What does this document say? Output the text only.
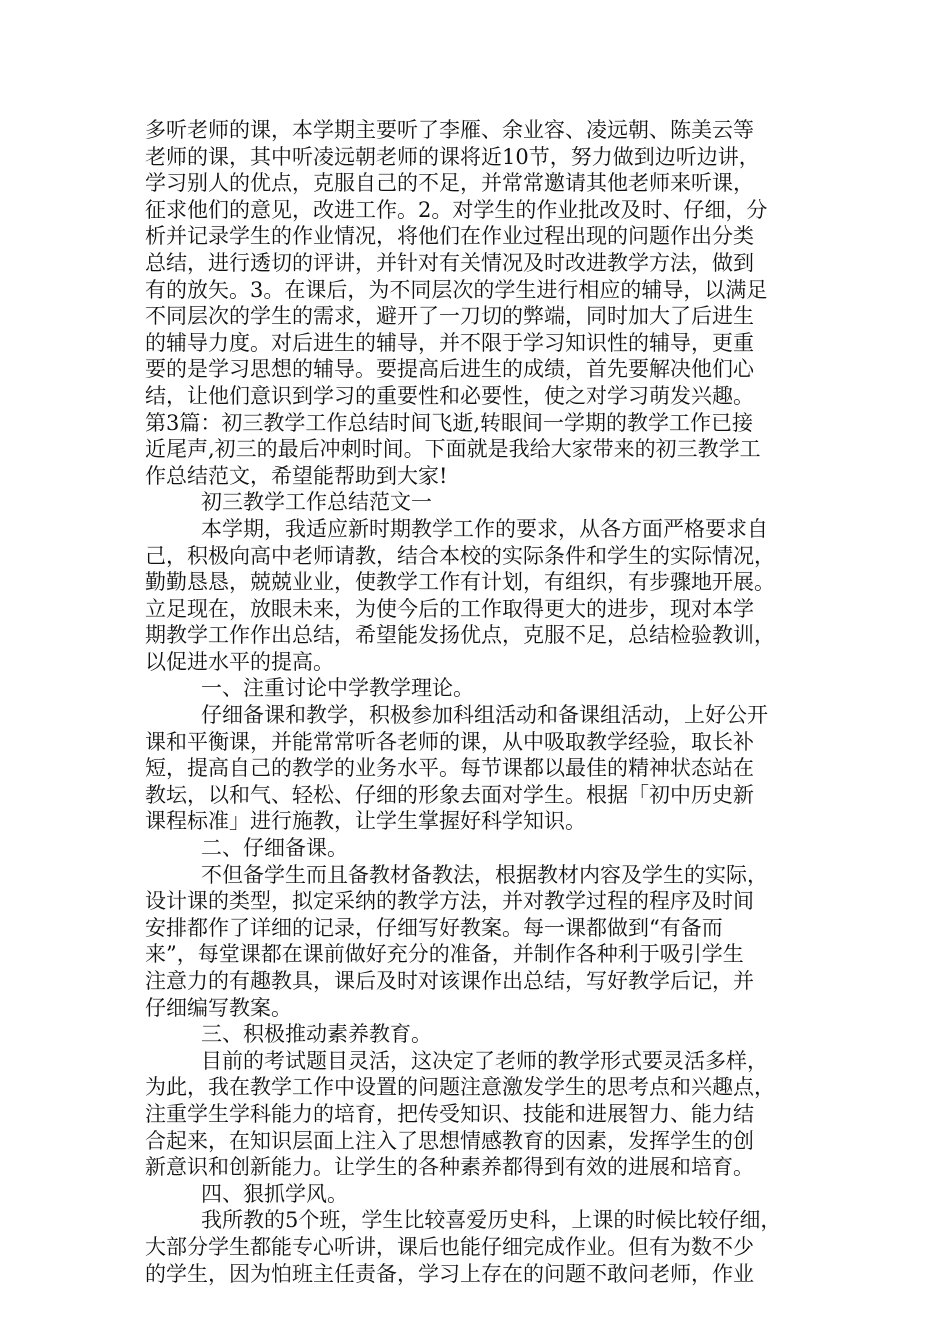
多听老师的课，本学期主要听了李雁、余业容、凌远朝、陈美云等
老师的课，其中听凌远朝老师的课将近10节，努力做到边听边讲，
学习别人的优点，克服自己的不足，并常常邀请其他老师来听课，
征求他们的意见，改进工作。2。对学生的作业批改及时、仔细，分
析并记录学生的作业情况，将他们在作业过程出现的问题作出分类
总结，进行透切的评讲，并针对有关情况及时改进教学方法，做到
有的放矢。3。在课后，为不同层次的学生进行相应的辅导，以满足
不同层次的学生的需求，避开了一刀切的弊端，同时加大了后进生
的辅导力度。对后进生的辅导，并不限于学习知识性的辅导，更重
要的是学习思想的辅导。要提高后进生的成绩，首先要解决他们心
结，让他们意识到学习的重要性和必要性，使之对学习萌发兴趣。
第3篇：初三教学工作总结时间飞逝,转眼间一学期的教学工作已接
近尾声,初三的最后冲刺时间。下面就是我给大家带来的初三教学工
作总结范文，希望能帮助到大家!
初三教学工作总结范文一
本学期，我适应新时期教学工作的要求，从各方面严格要求自
己，积极向高中老师请教，结合本校的实际条件和学生的实际情况，
勤勤恳恳，兢兢业业，使教学工作有计划，有组织，有步骤地开展。
立足现在，放眼未来，为使今后的工作取得更大的进步，现对本学
期教学工作作出总结，希望能发扬优点，克服不足，总结检验教训，
以促进水平的提高。
一、注重讨论中学教学理论。
仔细备课和教学，积极参加科组活动和备课组活动，上好公开
课和平衡课，并能常常听各老师的课，从中吸取教学经验，取长补
短，提高自己的教学的业务水平。每节课都以最佳的精神状态站在
教坛，以和气、轻松、仔细的形象去面对学生。根据「初中历史新
课程标准」进行施教，让学生掌握好科学知识。
二、仔细备课。
不但备学生而且备教材备教法，根据教材内容及学生的实际，
设计课的类型，拟定采纳的教学方法，并对教学过程的程序及时间
安排都作了详细的记录，仔细写好教案。每一课都做到“有备而
来”，每堂课都在课前做好充分的准备，并制作各种利于吸引学生
注意力的有趣教具，课后及时对该课作出总结，写好教学后记，并
仔细编写教案。
三、积极推动素养教育。
目前的考试题目灵活，这决定了老师的教学形式要灵活多样，
为此，我在教学工作中设置的问题注意激发学生的思考点和兴趣点，
注重学生学科能力的培育，把传受知识、技能和进展智力、能力结
合起来，在知识层面上注入了思想情感教育的因素，发挥学生的创
新意识和创新能力。让学生的各种素养都得到有效的进展和培育。
四、狠抓学风。
我所教的5个班，学生比较喜爱历史科，上课的时候比较仔细，
大部分学生都能专心听讲，课后也能仔细完成作业。但有为数不少
的学生，因为怕班主任责备，学习上存在的问题不敢问老师，作业
